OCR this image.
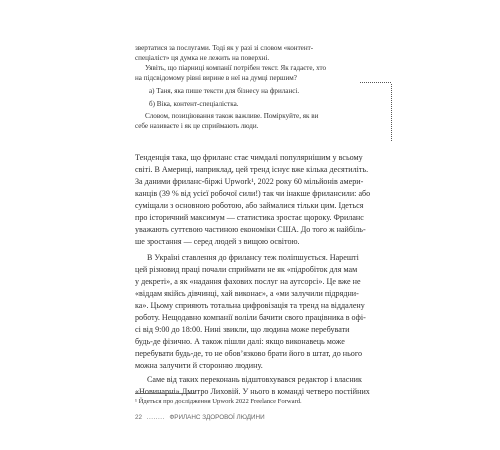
звертатися за послугами. Тоді як у разі зі словом «контент-
спеціаліст» ця думка не лежить на поверхні.
Уявіть, що піарниці компанії потрібен текст. Як гадаєте, хто
на підсвідомому рівні вирине в неї на думці першим?
а) Таня, яка пише тексти для бізнесу на фрилансі.
б) Віка, контент-спеціалістка.
Словом, позиціювання також важливе. Поміркуйте, як ви
себе називаєте і як це сприймають люди.
Тенденція така, що фриланс стає чимдалі популярнішим у всьому
світі. В Америці, наприклад, цей тренд існує вже кілька десятиліть.
За даними фриланс-біржі Upwork¹, 2022 року 60 мільйонів амери-
канців (39 % від усієї робочої сили!) так чи інакше фрилансили: або
суміщали з основною роботою, або займалися тільки цим. Ідеться
про історичний максимум — статистика зростає щороку. Фриланс
уважають суттєвою частиною економіки США. До того ж найбіль-
ше зростання — серед людей з вищою освітою.
В Україні ставлення до фрилансу теж поліпшується. Нарешті
цей різновид праці почали сприймати не як «підробіток для мам
у декреті», а як «надання фахових послуг на аутсорсі». Це вже не
«віддам якійсь дівчинці, хай виконає», а «ми залучили підрядни-
ка». Цьому сприяють тотальна цифровізація та тренд на віддалену
роботу. Нещодавно компанії воліли бачити свого працівника в офі-
сі від 9:00 до 18:00. Нині звикли, що людина може перебувати
будь-де фізично. А також пішли далі: якщо виконавець може
перебувати будь-де, то не обов’язково брати його в штат, до нього
можна залучити й сторонню людину.
Саме від таких переконань відштовхувався редактор і власник
«Новинарні» Дмитро Лиховій. У нього в команді четверо постійних
¹ Йдеться про дослідження Upwork 2022 Freelance Forward.
22 ........ ФРИЛАНС ЗДОРОВОЇ ЛЮДИНИ
